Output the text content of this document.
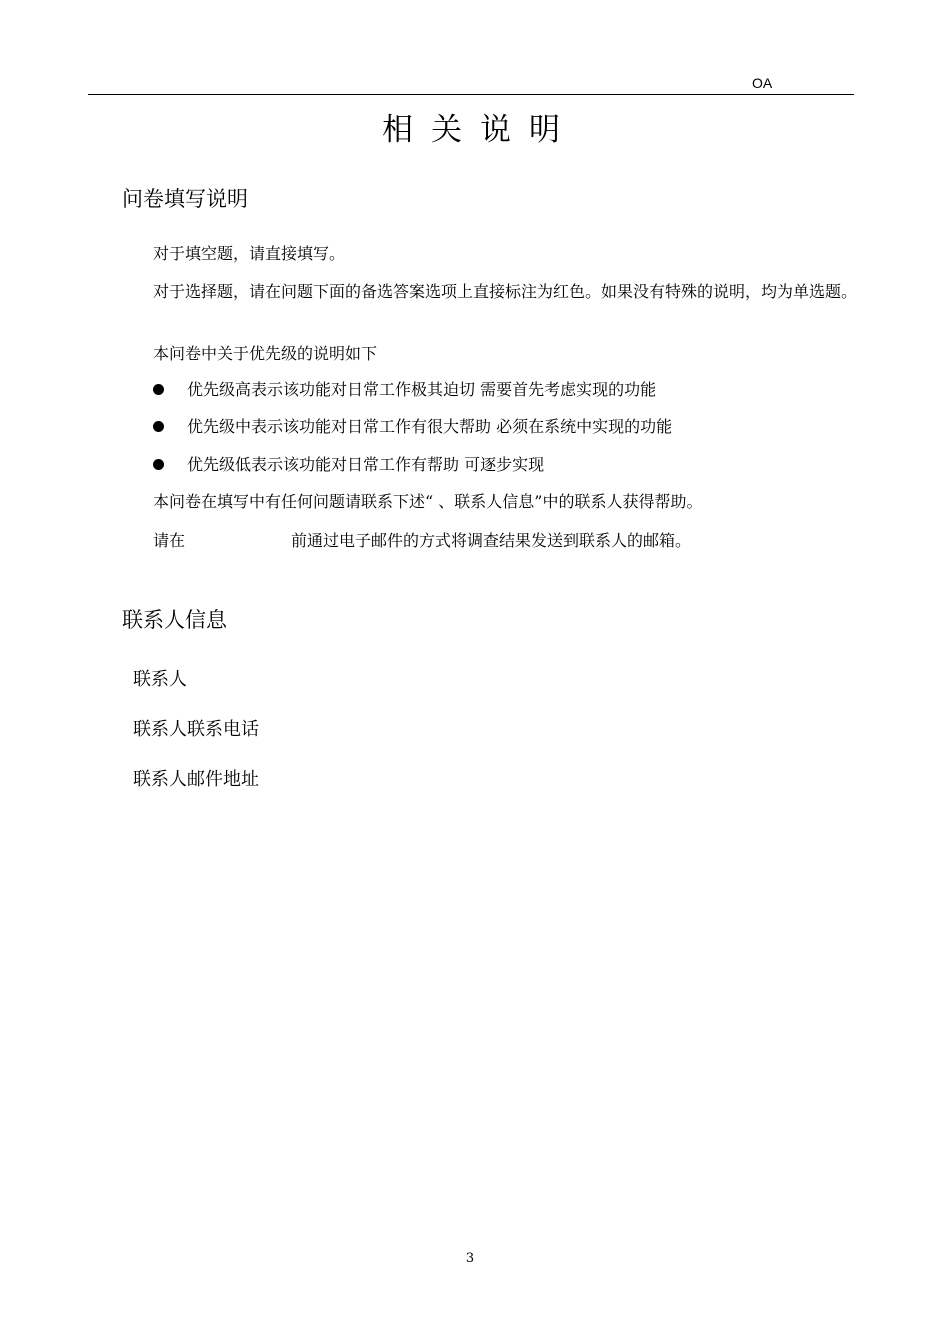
OA
相关说明
问卷填写说明
对于填空题，请直接填写。
对于选择题，请在问题下面的备选答案选项上直接标注为红色。如果没有特殊的说明，均为单选题。
本问卷中关于优先级的说明如下
优先级高表示该功能对日常工作极其迫切 需要首先考虑实现的功能
优先级中表示该功能对日常工作有很大帮助 必须在系统中实现的功能
优先级低表示该功能对日常工作有帮助 可逐步实现
本问卷在填写中有任何问题请联系下述“ 、联系人信息”中的联系人获得帮助。
请在	前通过电子邮件的方式将调查结果发送到联系人的邮箱。
联系人信息
联系人
联系人联系电话
联系人邮件地址
3
